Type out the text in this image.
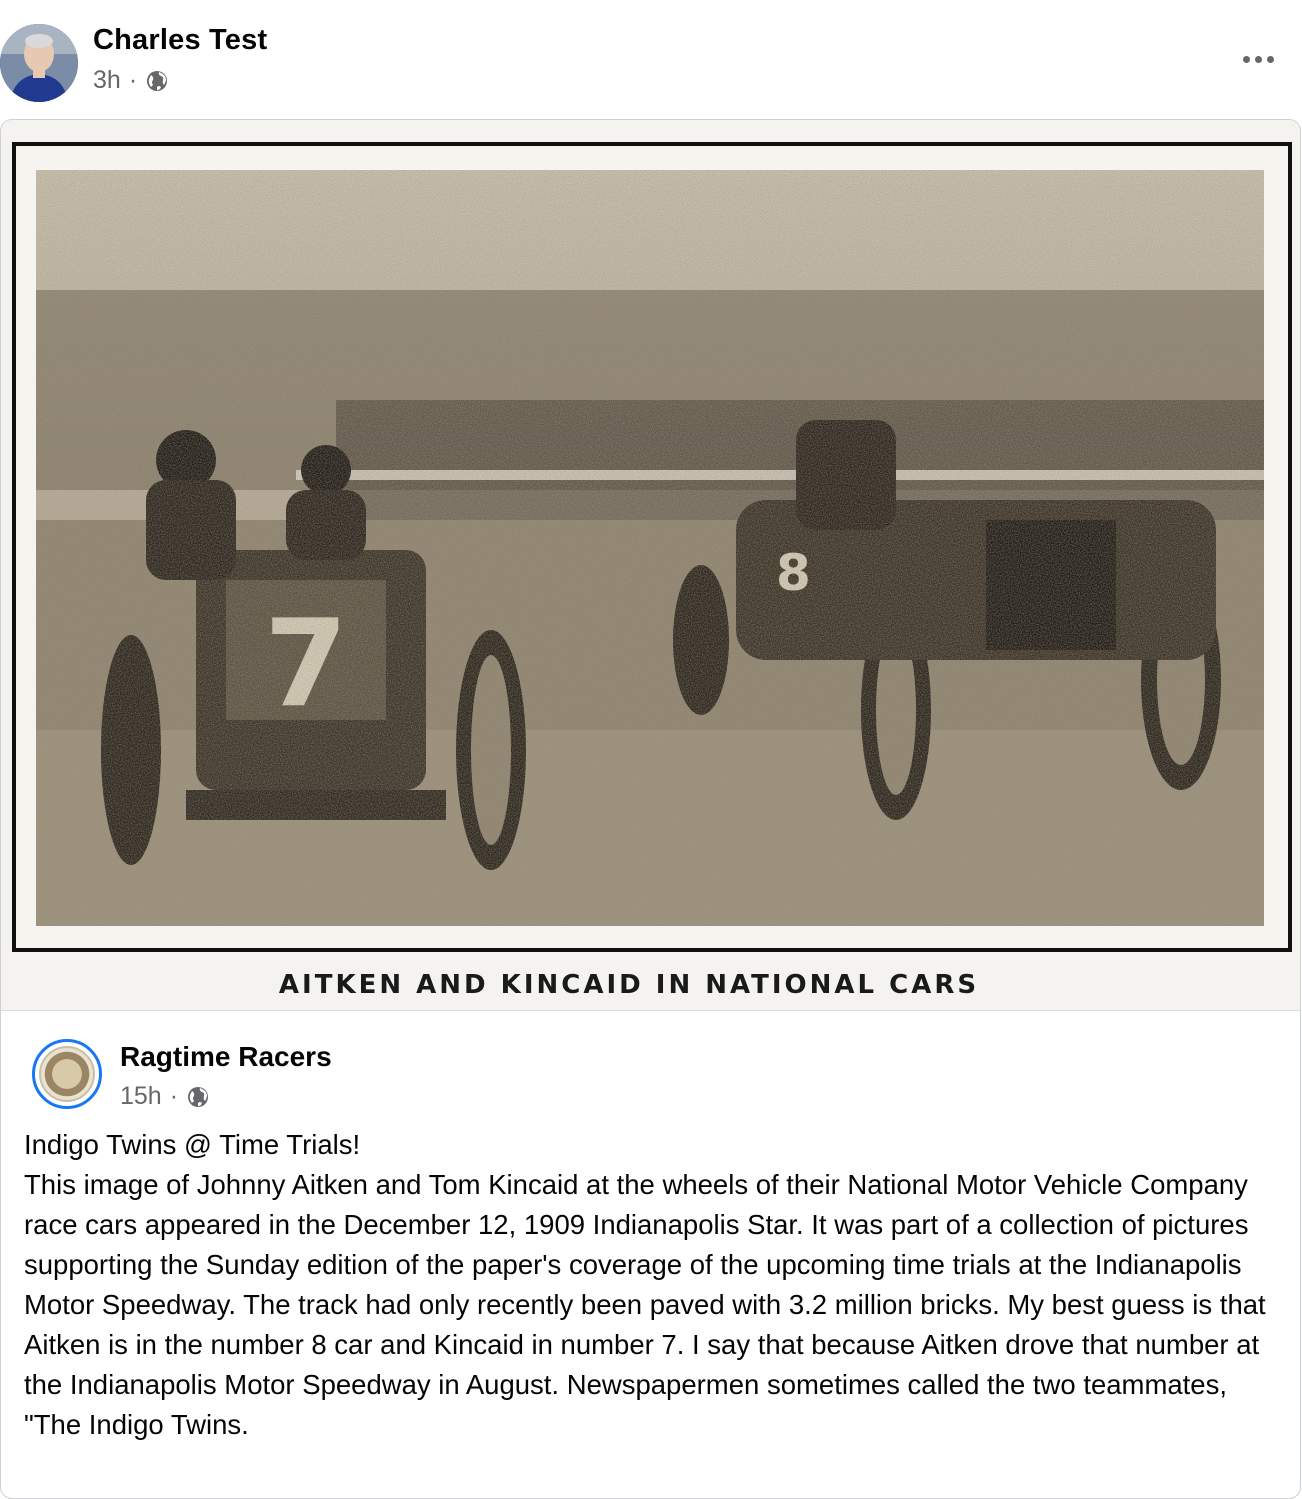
Charles Test
3h ·
AITKEN AND KINCAID IN NATIONAL CARS
Ragtime Racers
15h ·
Indigo Twins @ Time Trials!
This image of Johnny Aitken and Tom Kincaid at the wheels of their National Motor Vehicle Company race cars appeared in the December 12, 1909 Indianapolis Star. It was part of a collection of pictures supporting the Sunday edition of the paper's coverage of the upcoming time trials at the Indianapolis Motor Speedway. The track had only recently been paved with 3.2 million bricks. My best guess is that Aitken is in the number 8 car and Kincaid in number 7. I say that because Aitken drove that number at the Indianapolis Motor Speedway in August. Newspapermen sometimes called the two teammates, "The Indigo Twins.
